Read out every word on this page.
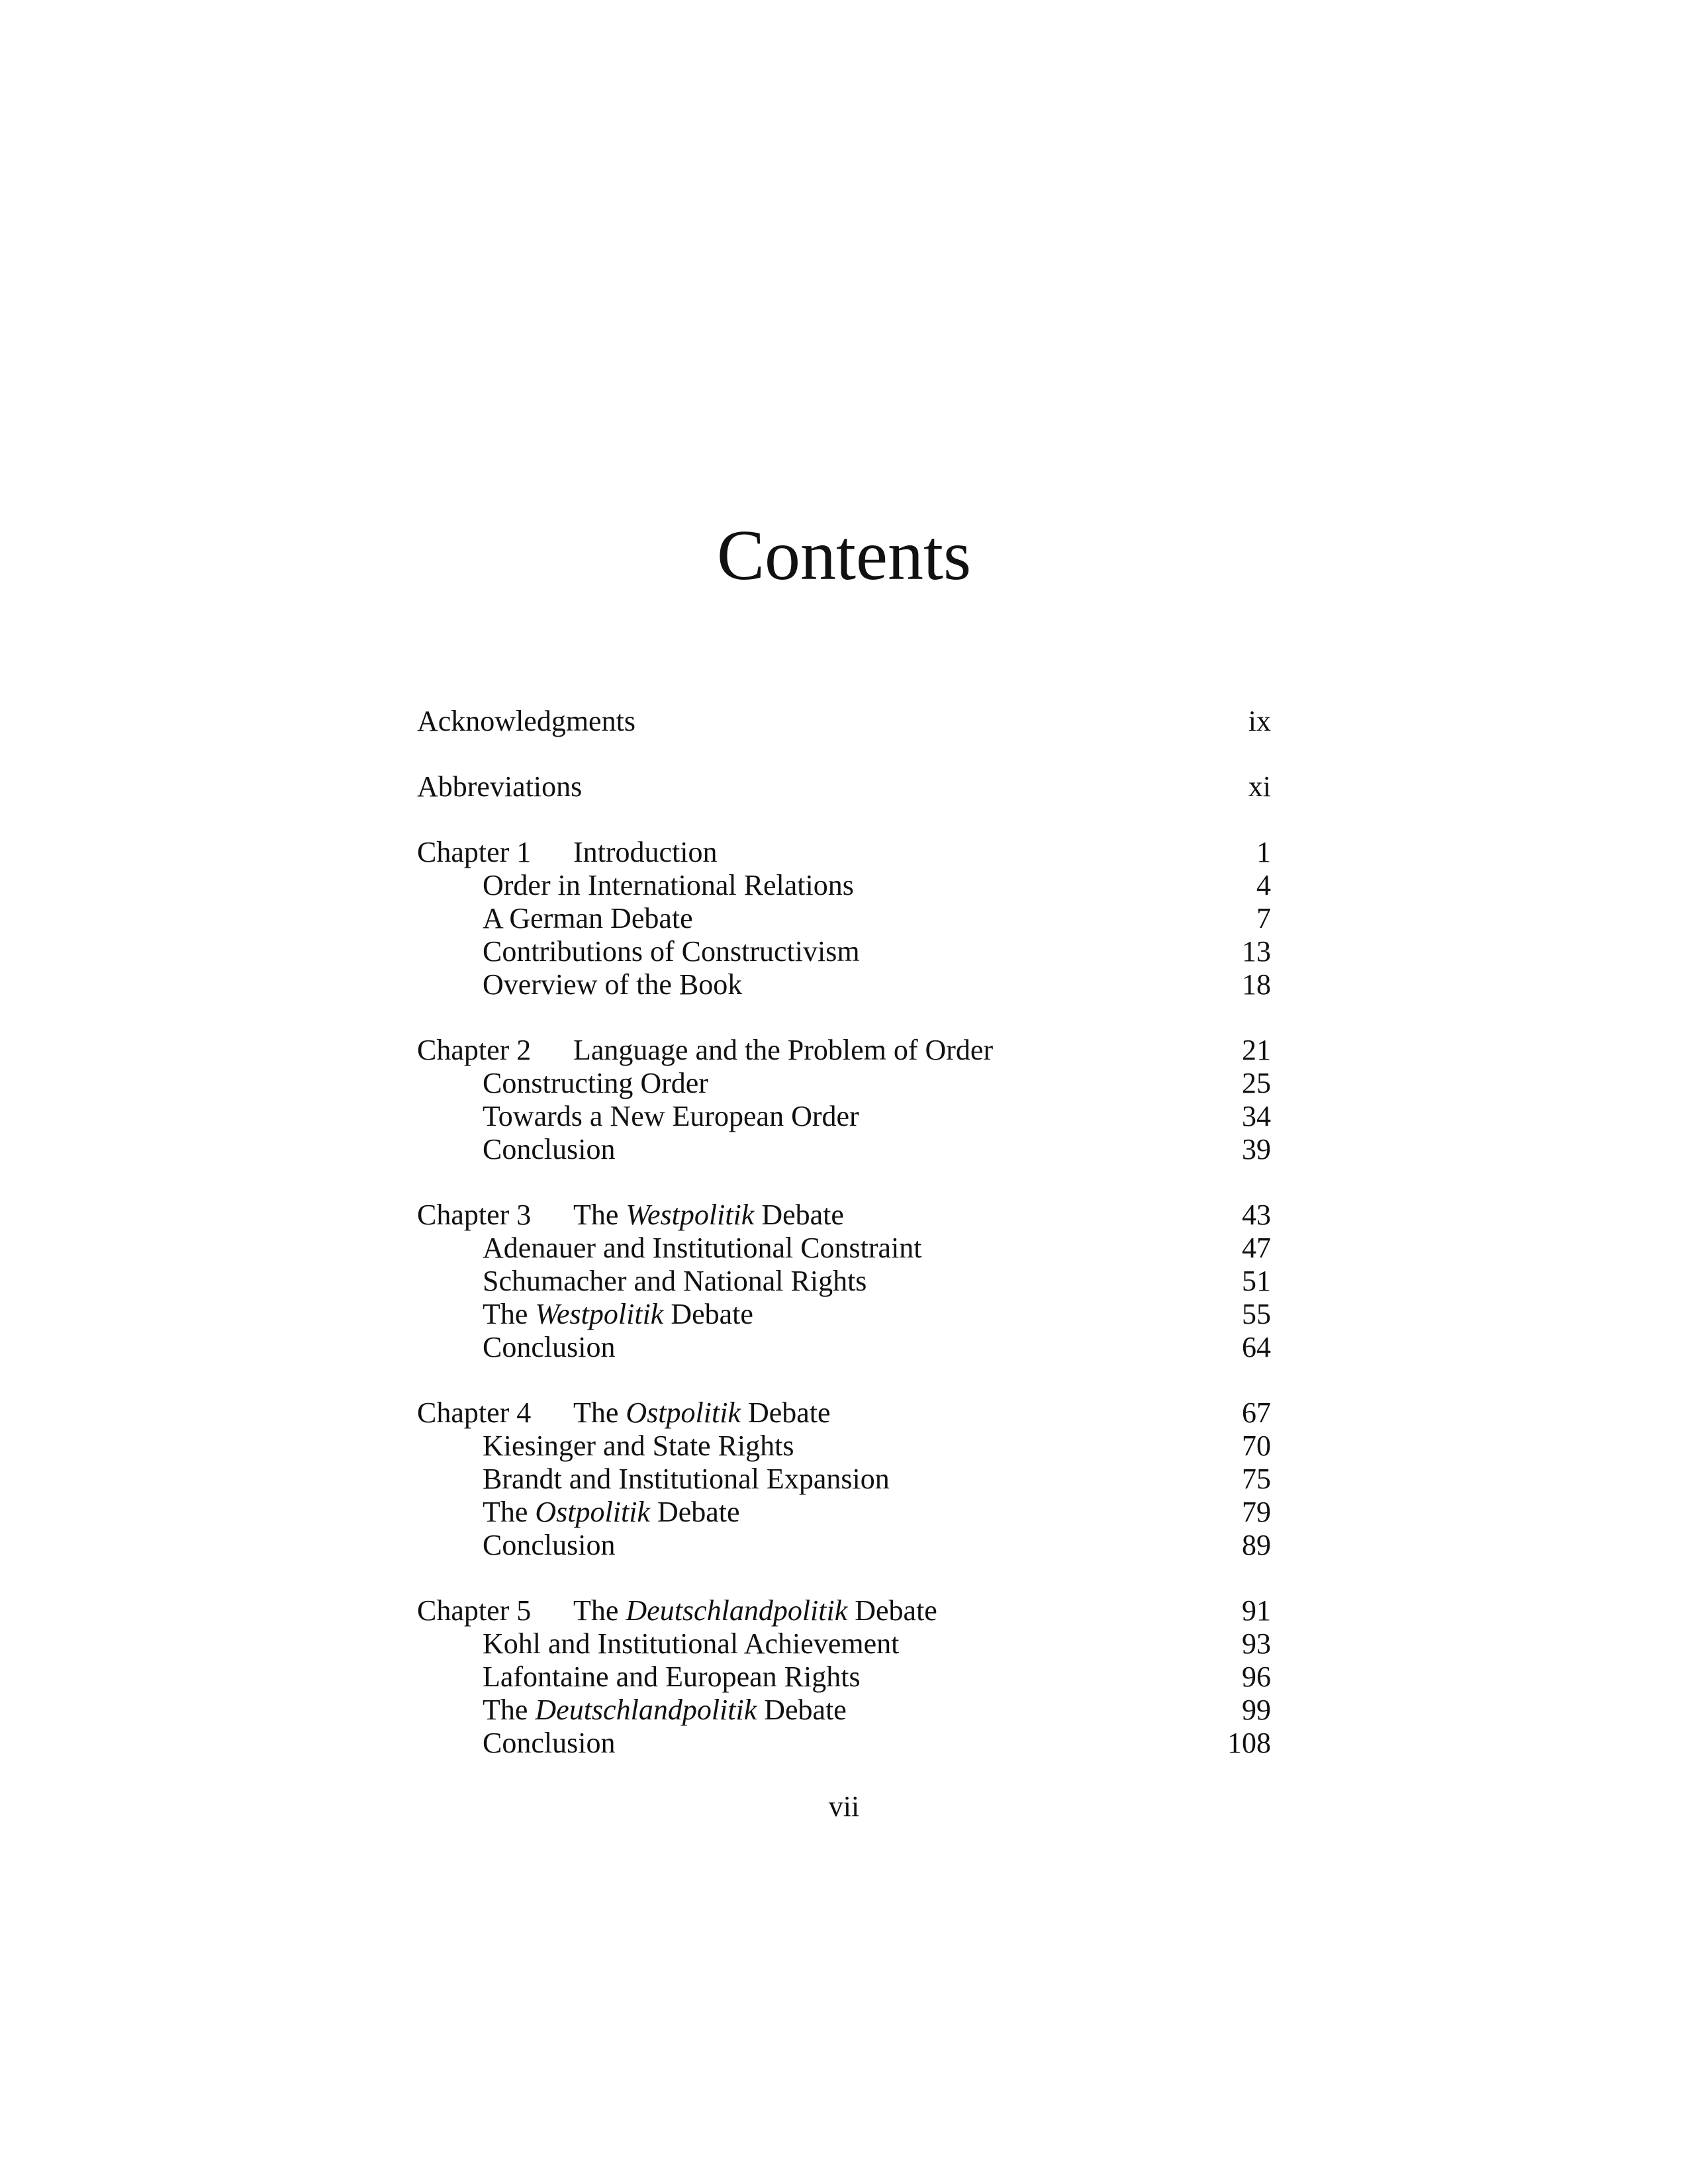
Contents
Acknowledgments	ix
Abbreviations	xi
Chapter 1 Introduction	1
Order in International Relations	4
A German Debate	7
Contributions of Constructivism	13
Overview of the Book	18
Chapter 2 Language and the Problem of Order	21
Constructing Order	25
Towards a New European Order	34
Conclusion	39
Chapter 3 The Westpolitik Debate	43
Adenauer and Institutional Constraint	47
Schumacher and National Rights	51
The Westpolitik Debate	55
Conclusion	64
Chapter 4 The Ostpolitik Debate	67
Kiesinger and State Rights	70
Brandt and Institutional Expansion	75
The Ostpolitik Debate	79
Conclusion	89
Chapter 5 The Deutschlandpolitik Debate	91
Kohl and Institutional Achievement	93
Lafontaine and European Rights	96
The Deutschlandpolitik Debate	99
Conclusion	108
vii
